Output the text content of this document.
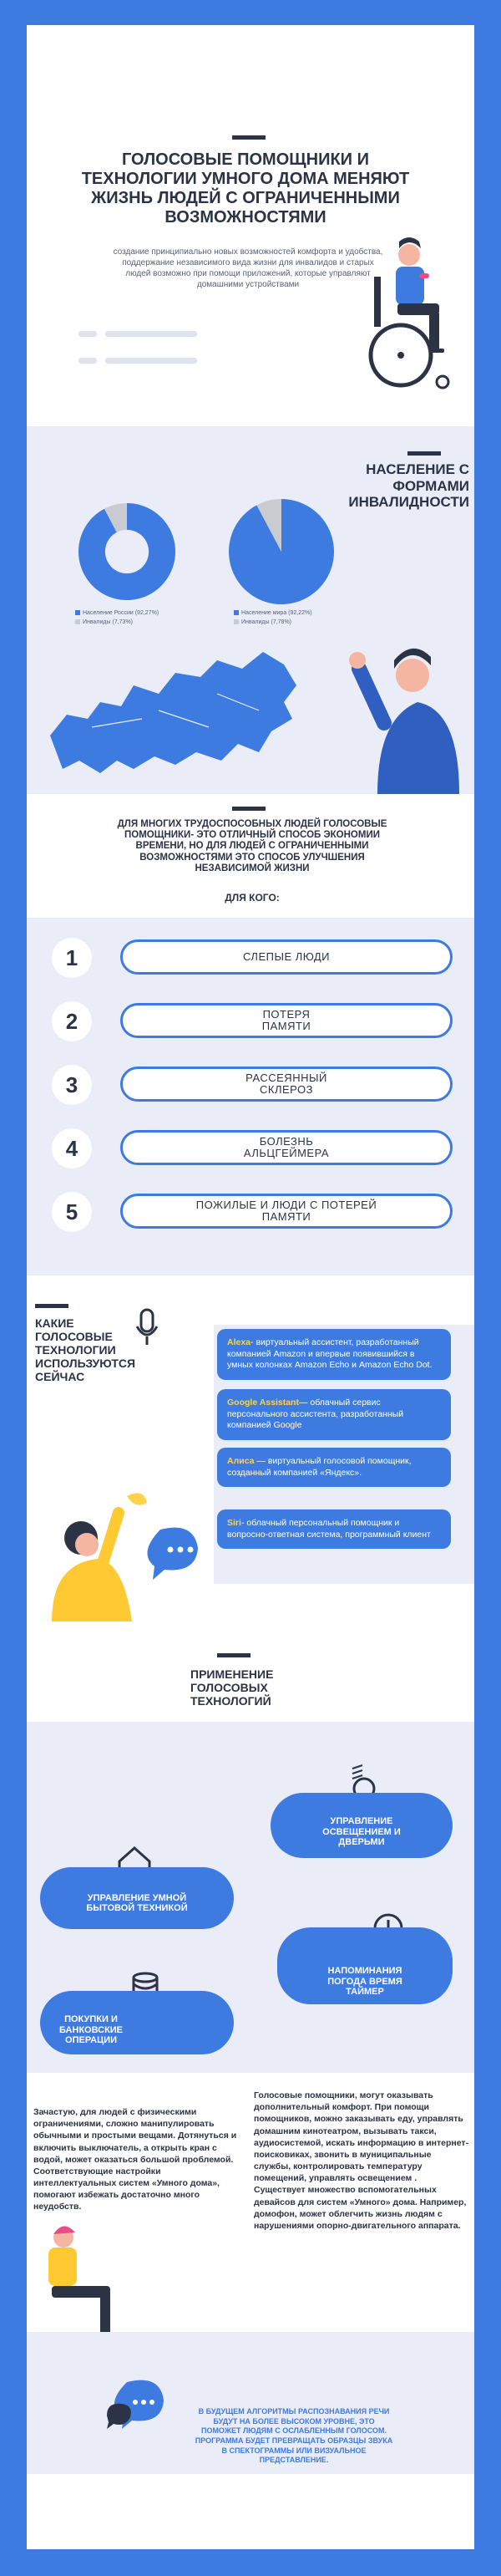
ГОЛОСОВЫЕ ПОМОЩНИКИ И ТЕХНОЛОГИИ УМНОГО ДОМА МЕНЯЮТ ЖИЗНЬ ЛЮДЕЙ С ОГРАНИЧЕННЫМИ ВОЗМОЖНОСТЯМИ
создание принципиально новых возможностей комфорта и удобства, поддержание независимого вида жизни для инвалидов и старых людей возможно при помощи приложений, которые управляют домашними устройствами

НАСЕЛЕНИЕ С ФОРМАМИ ИНВАЛИДНОСТИ
Население России (92,27%)
Инвалиды (7,73%)
Население мира (92,22%)
Инвалиды (7,78%)
ДЛЯ МНОГИХ ТРУДОСПОСОБНЫХ ЛЮДЕЙ ГОЛОСОВЫЕ ПОМОЩНИКИ- ЭТО ОТЛИЧНЫЙ СПОСОБ ЭКОНОМИИ ВРЕМЕНИ, НО ДЛЯ ЛЮДЕЙ С ОГРАНИЧЕННЫМИ ВОЗМОЖНОСТЯМИ ЭТО СПОСОБ УЛУЧШЕНИЯ НЕЗАВИСИМОЙ ЖИЗНИ
ДЛЯ КОГО:
1	СЛЕПЫЕ ЛЮДИ
2	ПОТЕРЯ ПАМЯТИ
3	РАССЕЯННЫЙ СКЛЕРОЗ
4	БОЛЕЗНЬ АЛЬЦГЕЙМЕРА
5	ПОЖИЛЫЕ И ЛЮДИ С ПОТЕРЕЙ ПАМЯТИ
КАКИЕ ГОЛОСОВЫЕ ТЕХНОЛОГИИ ИСПОЛЬЗУЮТСЯ СЕЙЧАС
Alexa- виртуальный ассистент, разработанный компанией Amazon и впервые появившийся в умных колонках Amazon Echo и Amazon Echo Dot.
Google Assistant— облачный сервис персонального ассистента, разработанный компанией Google
Алиса — виртуальный голосовой помощник, созданный компанией «Яндекс».
Siri- облачный персональный помощник и вопросно-ответная система, программный клиент
ПРИМЕНЕНИЕ ГОЛОСОВЫХ ТЕХНОЛОГИЙ
УПРАВЛЕНИЕ ОСВЕЩЕНИЕМ И ДВЕРЬМИ
УПРАВЛЕНИЕ УМНОЙ БЫТОВОЙ ТЕХНИКОЙ
НАПОМИНАНИЯ ПОГОДА ВРЕМЯ ТАЙМЕР
ПОКУПКИ И БАНКОВСКИЕ ОПЕРАЦИИ
Зачастую, для людей с физическими ограничениями, сложно манипулировать обычными и простыми вещами. Дотянуться и включить выключатель, а открыть кран с водой, может оказаться большой проблемой. Соответствующие настройки интеллектуальных систем «Умного дома», помогают избежать достаточно много неудобств.
Голосовые помощники, могут оказывать дополнительный комфорт. При помощи помощников, можно заказывать еду, управлять домашним кинотеатром, вызывать такси, аудиосистемой, искать информацию в интернет- поисковиках, звонить в муниципальные службы, контролировать температуру помещений, управлять освещением . Существует множество вспомогательных девайсов для систем «Умного» дома. Например, домофон, может облегчить жизнь людям с нарушениями опорно-двигательного аппарата.
В БУДУЩЕМ АЛГОРИТМЫ РАСПОЗНАВАНИЯ РЕЧИ БУДУТ НА БОЛЕЕ ВЫСОКОМ УРОВНЕ, ЭТО ПОМОЖЕТ ЛЮДЯМ С ОСЛАБЛЕННЫМ ГОЛОСОМ. ПРОГРАММА БУДЕТ ПРЕВРАЩАТЬ ОБРАЗЦЫ ЗВУКА В СПЕКТОГРАММЫ ИЛИ ВИЗУАЛЬНОЕ ПРЕДСТАВЛЕНИЕ.
